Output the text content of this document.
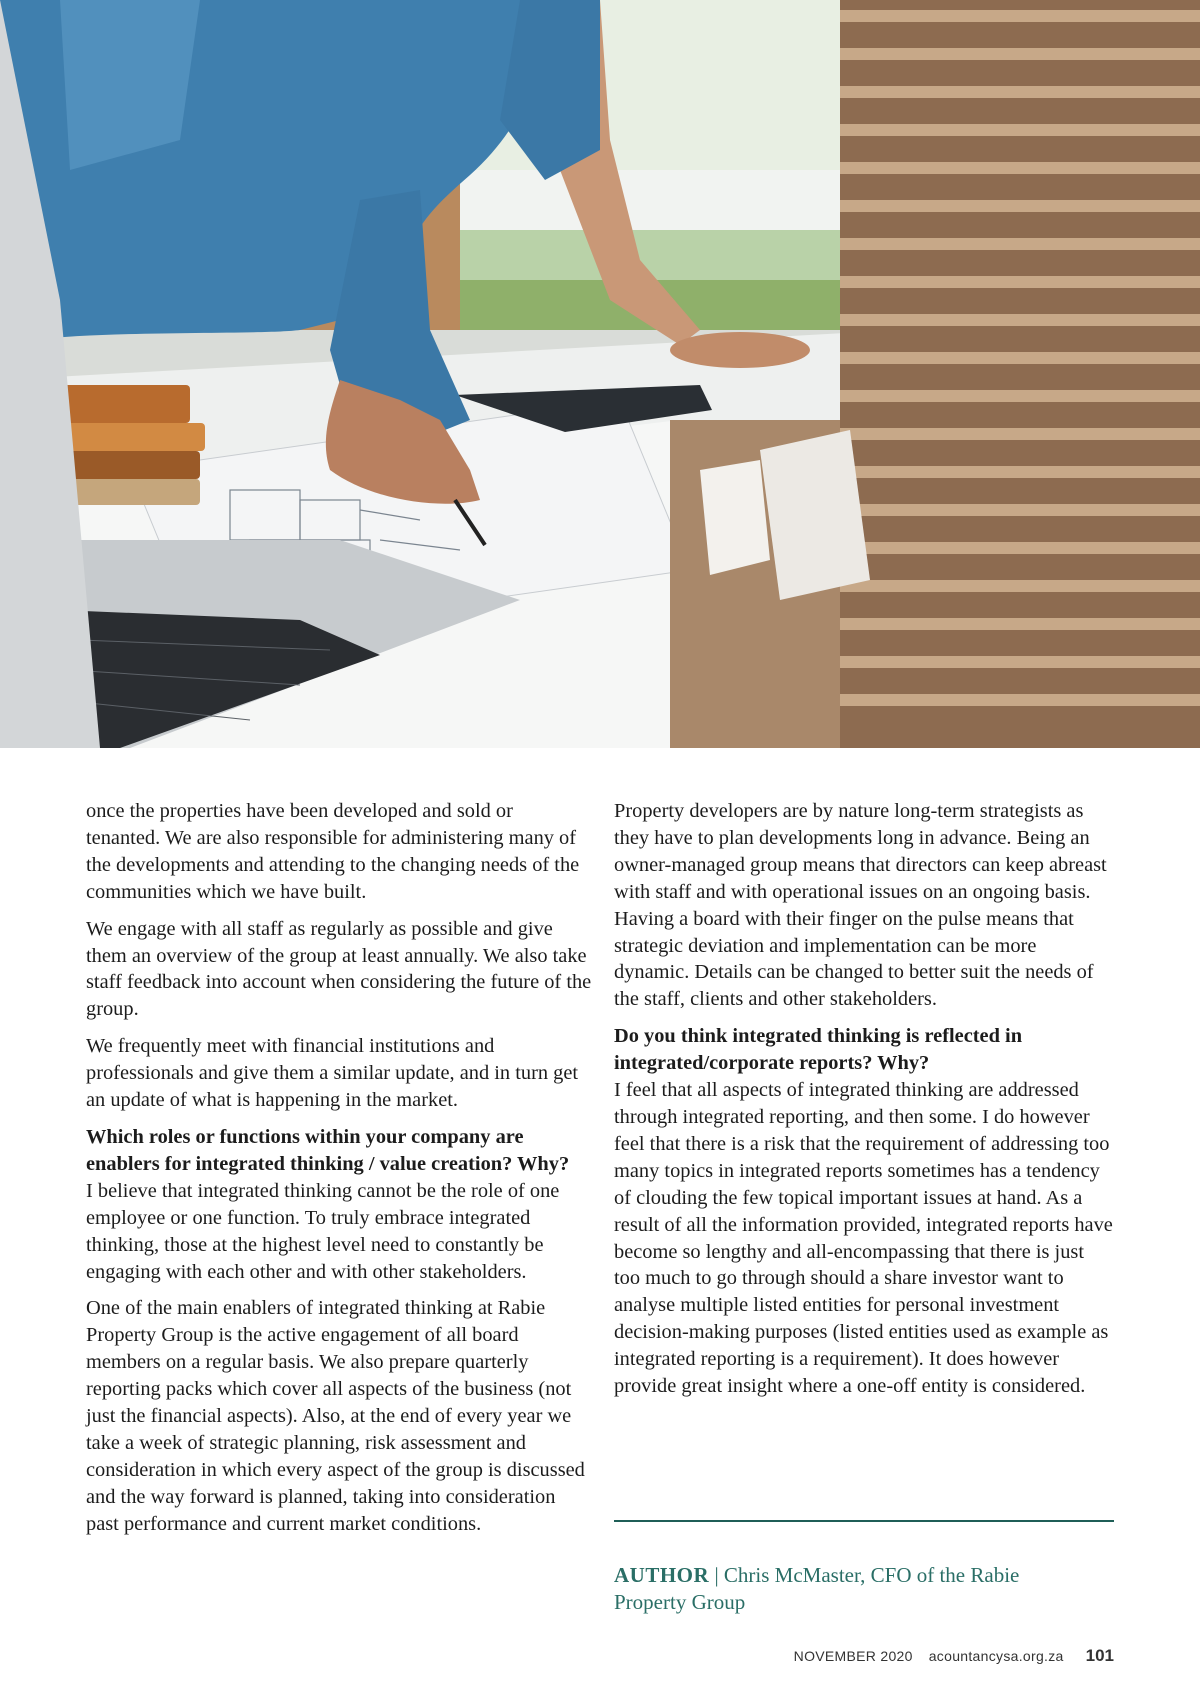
once the properties have been developed and sold or tenanted. We are also responsible for administering many of the developments and attending to the changing needs of the communities which we have built.

We engage with all staff as regularly as possible and give them an overview of the group at least annually. We also take staff feedback into account when considering the future of the group.

We frequently meet with financial institutions and professionals and give them a similar update, and in turn get an update of what is happening in the market.

Which roles or functions within your company are enablers for integrated thinking / value creation? Why?

I believe that integrated thinking cannot be the role of one employee or one function. To truly embrace integrated thinking, those at the highest level need to constantly be engaging with each other and with other stakeholders.

One of the main enablers of integrated thinking at Rabie Property Group is the active engagement of all board members on a regular basis. We also prepare quarterly reporting packs which cover all aspects of the business (not just the financial aspects). Also, at the end of every year we take a week of strategic planning, risk assessment and consideration in which every aspect of the group is discussed and the way forward is planned, taking into consideration past performance and current market conditions.

Property developers are by nature long-term strategists as they have to plan developments long in advance. Being an owner-managed group means that directors can keep abreast with staff and with operational issues on an ongoing basis. Having a board with their finger on the pulse means that strategic deviation and implementation can be more dynamic. Details can be changed to better suit the needs of the staff, clients and other stakeholders.

Do you think integrated thinking is reflected in integrated/corporate reports? Why?

I feel that all aspects of integrated thinking are addressed through integrated reporting, and then some. I do however feel that there is a risk that the requirement of addressing too many topics in integrated reports sometimes has a tendency of clouding the few topical important issues at hand. As a result of all the information provided, integrated reports have become so lengthy and all-encompassing that there is just too much to go through should a share investor want to analyse multiple listed entities for personal investment decision-making purposes (listed entities used as example as integrated reporting is a requirement). It does however provide great insight where a one-off entity is considered.

AUTHOR | Chris McMaster, CFO of the Rabie Property Group
NOVEMBER 2020 acountancysa.org.za 101
